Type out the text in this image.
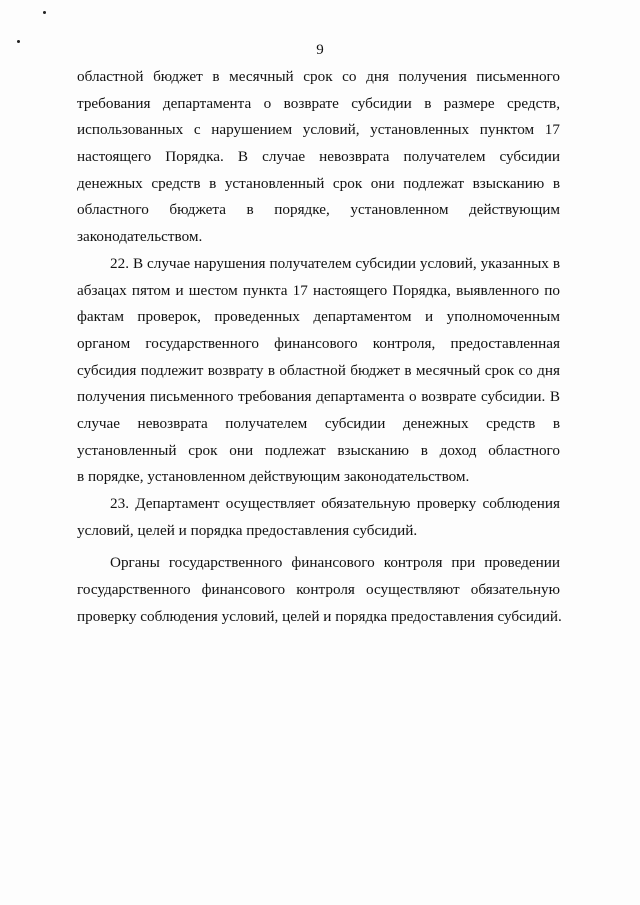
9
областной бюджет в месячный срок со дня получения письменного
требования департамента о возврате субсидии в размере средств,
использованных с нарушением условий, установленных пунктом 17
настоящего Порядка. В случае невозврата получателем субсидии
денежных средств в установленный срок они подлежат взысканию в
областного бюджета в порядке, установленном действующим
законодательством.
22. В случае нарушения получателем субсидии условий, указанных в
абзацах пятом и шестом пункта 17 настоящего Порядка, выявленного по
фактам проверок, проведенных департаментом и уполномоченным
органом государственного финансового контроля, предоставленная
субсидия подлежит возврату в областной бюджет в месячный срок со дня
получения письменного требования департамента о возврате субсидии. В
случае невозврата получателем субсидии денежных средств в
установленный срок они подлежат взысканию в доход областного
в порядке, установленном действующим законодательством.
23. Департамент осуществляет обязательную проверку соблюдения
условий, целей и порядка предоставления субсидий.
Органы государственного финансового контроля при проведении
государственного финансового контроля осуществляют обязательную
проверку соблюдения условий, целей и порядка предоставления субсидий.
